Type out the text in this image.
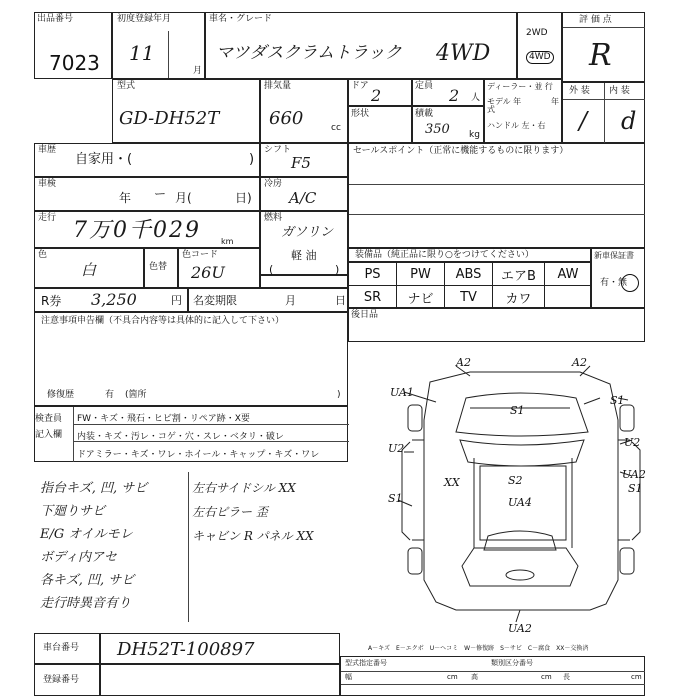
出品番号
7023
初度登録年月
11
月
車名・グレード
マツダスクラムトラック 4WD
2WD
4WD
評 価 点
R
型式
GD-DH52T
排気量
660	cc
ドア 2	定員 2 人
ディーラー・並 行
モデル 年式
年
ハンドル 左・右
形状	積載
350 kg
外 装 内 装
/ d
車歴
自家用・(	)
シフト
F5
車検
年 ー 月(	日)
冷房
A/C
走行 7万0千029	km
燃料
ガソリン
軽 油
(	)
色
白	色替
色コード
26U
R券 3,250	円 名変期限	月	日
注意事項申告欄（不具合内容等は具体的に記入して下さい）
修復歴	有 (箇所	)
検査員
記入欄
FW・キズ・飛石・ヒビ割・リペア跡・X要
内装・キズ・汚レ・コゲ・穴・スレ・ベタリ・破レ
ドアミラー・キズ・ワレ・ホイール・キャップ・キズ・ワレ
セールスポイント（正常に機能するものに限ります）
装備品（純正品に限り○をつけてください）	新車保証書
有・無
PS	PW	ABS	エアB	AW
SR	ナビ	TV	カワ
後日品
指台キズ, 凹, サビ
下廻りサビ
E/G オイルモレ
ボディ内アセ
各キズ, 凹, サビ
走行時異音有り
左右サイドシル XX
左右ピラー 歪
キャビン R パネル XX
A2	A2
UA1
S1
S1
U2	U2
UA2
S1
XX	S2
UA4
S1
UA2
車台番号 DH52T-100897
登録番号
A－キズ　E－エクボ　U－ヘコミ　W－修復跡　S－サビ　C－腐食　XX－交換済
型式指定番号	類別区分番号
幅	cm 高	cm 長	cm
